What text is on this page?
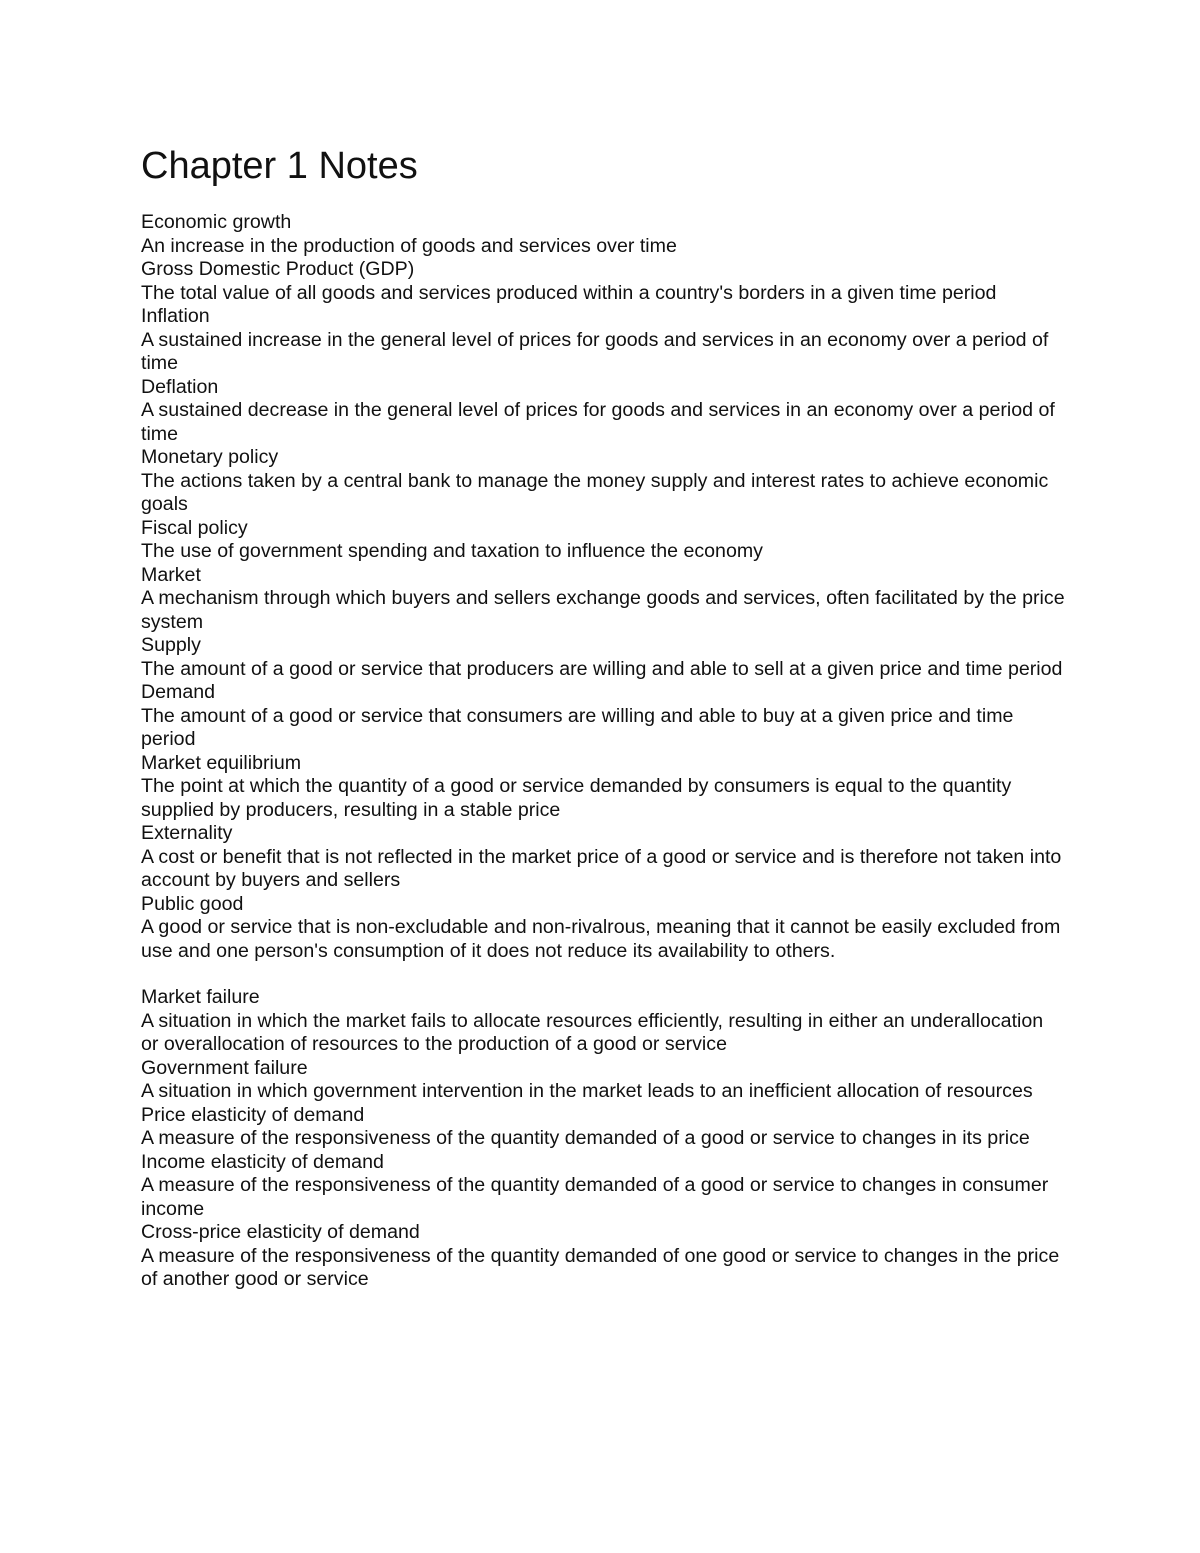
Chapter 1 Notes
Economic growth
An increase in the production of goods and services over time
Gross Domestic Product (GDP)
The total value of all goods and services produced within a country's borders in a given time period
Inflation
A sustained increase in the general level of prices for goods and services in an economy over a period of time
Deflation
A sustained decrease in the general level of prices for goods and services in an economy over a period of time
Monetary policy
The actions taken by a central bank to manage the money supply and interest rates to achieve economic goals
Fiscal policy
The use of government spending and taxation to influence the economy
Market
A mechanism through which buyers and sellers exchange goods and services, often facilitated by the price system
Supply
The amount of a good or service that producers are willing and able to sell at a given price and time period
Demand
The amount of a good or service that consumers are willing and able to buy at a given price and time period
Market equilibrium
The point at which the quantity of a good or service demanded by consumers is equal to the quantity supplied by producers, resulting in a stable price
Externality
A cost or benefit that is not reflected in the market price of a good or service and is therefore not taken into account by buyers and sellers
Public good
A good or service that is non-excludable and non-rivalrous, meaning that it cannot be easily excluded from use and one person's consumption of it does not reduce its availability to others.
Market failure
A situation in which the market fails to allocate resources efficiently, resulting in either an underallocation or overallocation of resources to the production of a good or service
Government failure
A situation in which government intervention in the market leads to an inefficient allocation of resources
Price elasticity of demand
A measure of the responsiveness of the quantity demanded of a good or service to changes in its price
Income elasticity of demand
A measure of the responsiveness of the quantity demanded of a good or service to changes in consumer income
Cross-price elasticity of demand
A measure of the responsiveness of the quantity demanded of one good or service to changes in the price of another good or service
